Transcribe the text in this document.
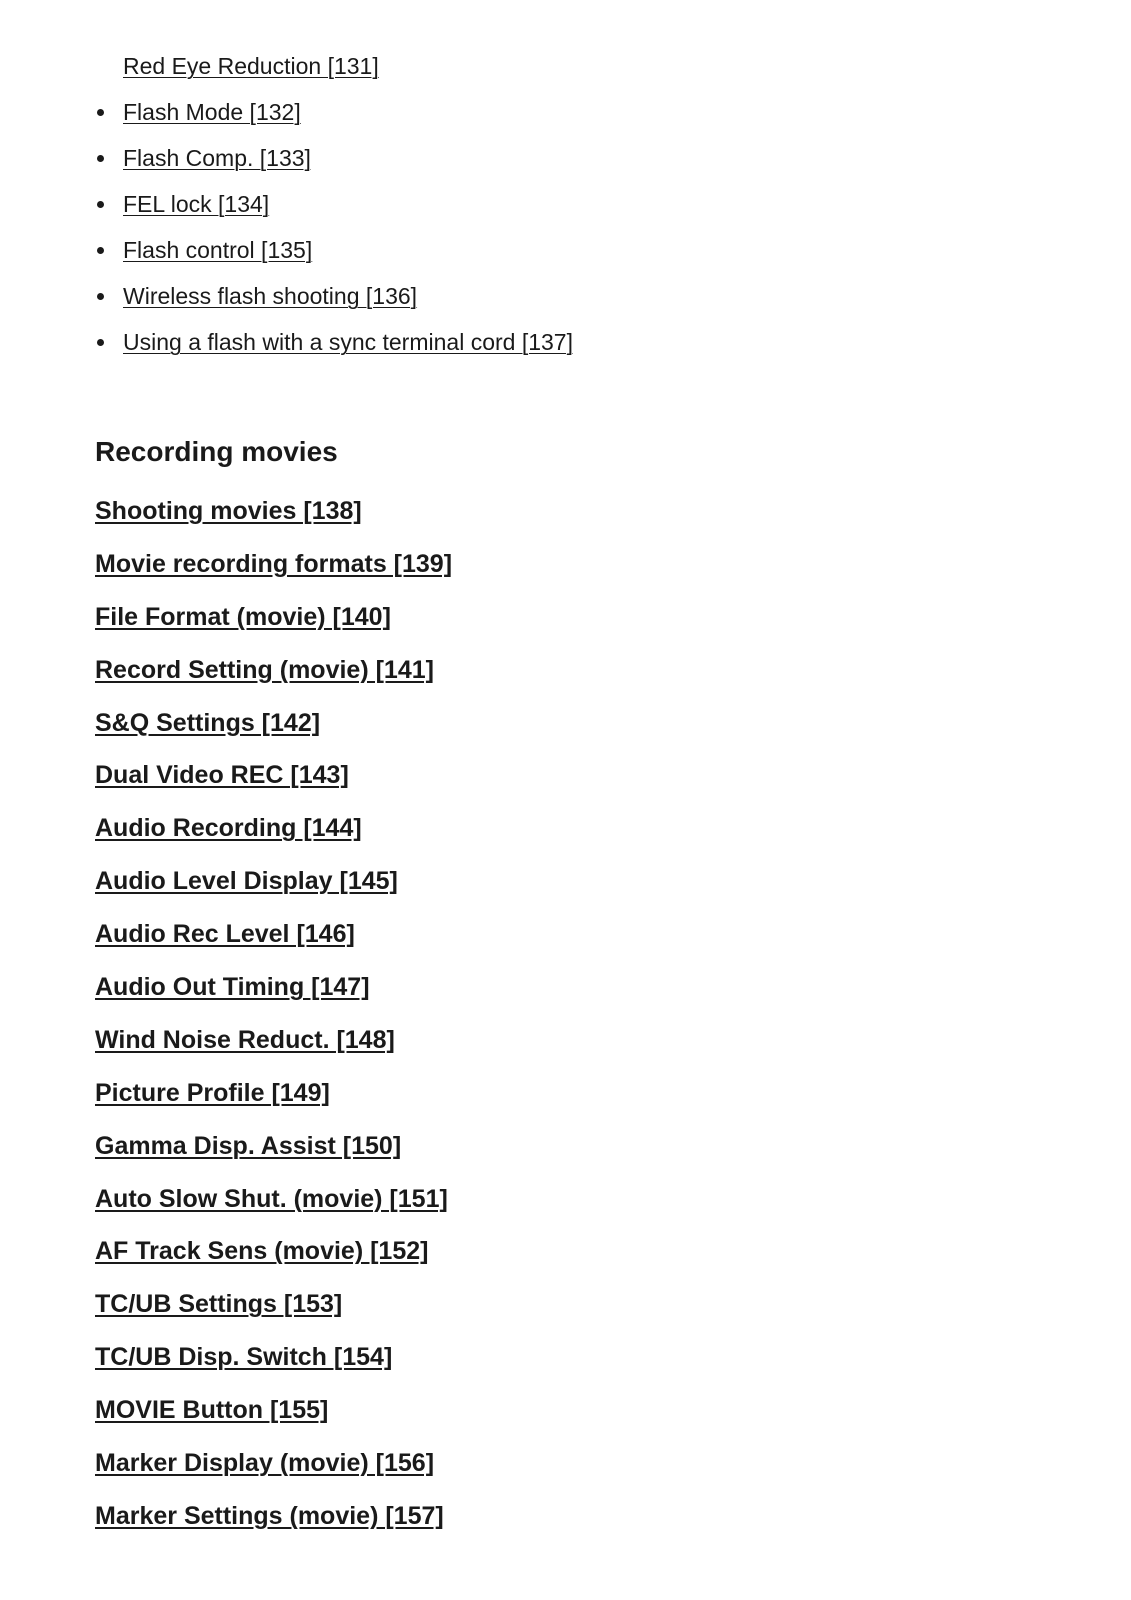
Red Eye Reduction [131]
Flash Mode [132]
Flash Comp. [133]
FEL lock [134]
Flash control [135]
Wireless flash shooting [136]
Using a flash with a sync terminal cord [137]
Recording movies
Shooting movies [138]
Movie recording formats [139]
File Format (movie) [140]
Record Setting (movie) [141]
S&Q Settings [142]
Dual Video REC [143]
Audio Recording [144]
Audio Level Display [145]
Audio Rec Level [146]
Audio Out Timing [147]
Wind Noise Reduct. [148]
Picture Profile [149]
Gamma Disp. Assist [150]
Auto Slow Shut. (movie) [151]
AF Track Sens (movie) [152]
TC/UB Settings [153]
TC/UB Disp. Switch [154]
MOVIE Button [155]
Marker Display (movie) [156]
Marker Settings (movie) [157]
